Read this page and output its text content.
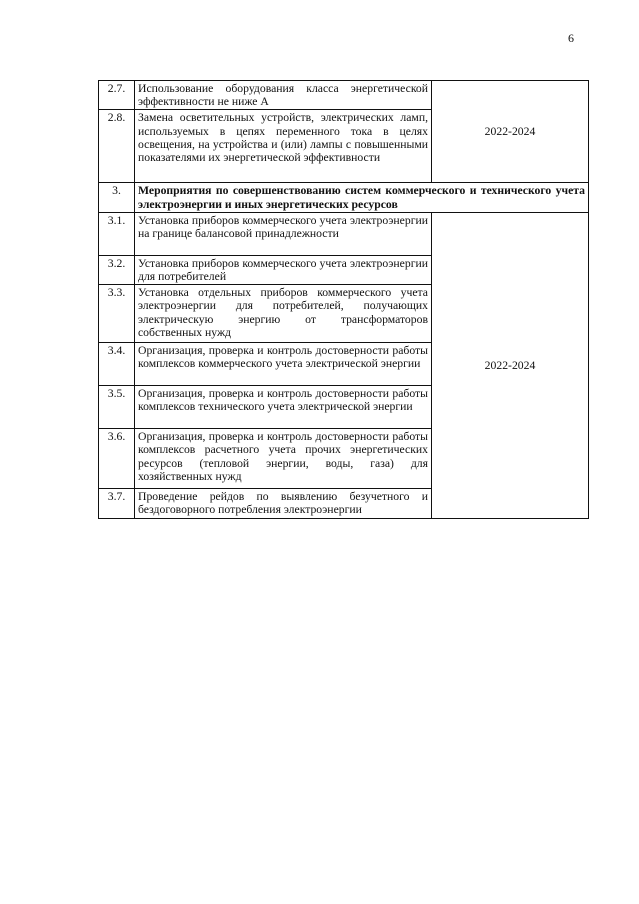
6
2.7.	Использование оборудования класса энергетической эффективности не ниже А	2022-2024
2.8.	Замена осветительных устройств, электрических ламп, используемых в цепях переменного тока в целях освещения, на устройства и (или) лампы с повышенными показателями их энергетической эффективности	
3.	Мероприятия по совершенствованию систем коммерческого и технического учета электроэнергии и иных энергетических ресурсов	
3.1.	Установка приборов коммерческого учета электроэнергии на границе балансовой принадлежности	2022-2024
3.2.	Установка приборов коммерческого учета электроэнергии для потребителей	
3.3.	Установка отдельных приборов коммерческого учета электроэнергии для потребителей, получающих электрическую энергию от трансформаторов собственных нужд	
3.4.	Организация, проверка и контроль достоверности работы комплексов коммерческого учета электрической энергии	
3.5.	Организация, проверка и контроль достоверности работы комплексов технического учета электрической энергии	
3.6.	Организация, проверка и контроль достоверности работы комплексов расчетного учета прочих энергетических ресурсов (тепловой энергии, воды, газа) для хозяйственных нужд	
3.7.	Проведение рейдов по выявлению безучетного и бездоговорного потребления электроэнергии	
